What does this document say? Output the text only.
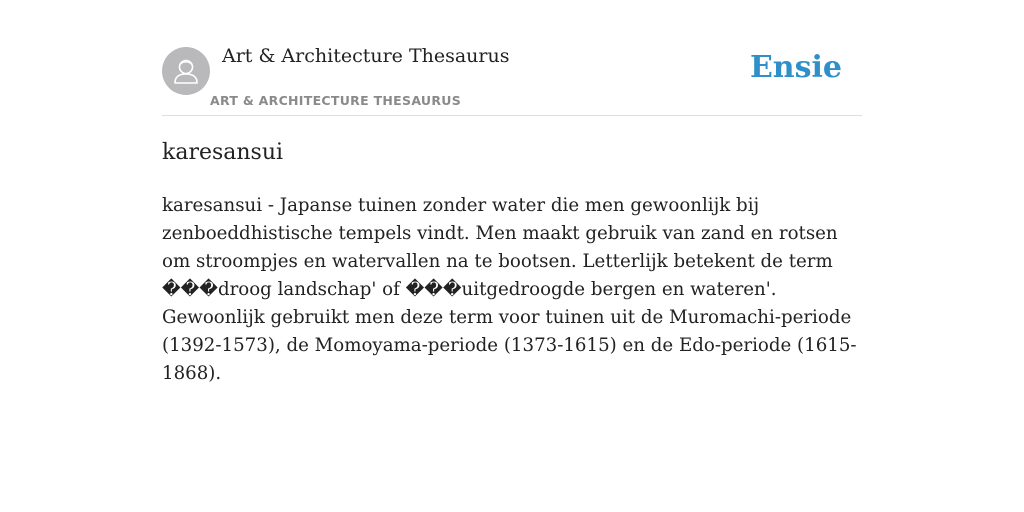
Art & Architecture Thesaurus
ART & ARCHITECTURE THESAURUS
Ensie
karesansui

karesansui - Japanse tuinen zonder water die men gewoonlijk bij zenboeddhistische tempels vindt. Men maakt gebruik van zand en rotsen om stroompjes en watervallen na te bootsen. Letterlijk betekent de term ���droog landschap' of ���uitgedroogde bergen en wateren'. Gewoonlijk gebruikt men deze term voor tuinen uit de Muromachi-periode (1392-1573), de Momoyama-periode (1373-1615) en de Edo-periode (1615-1868).
